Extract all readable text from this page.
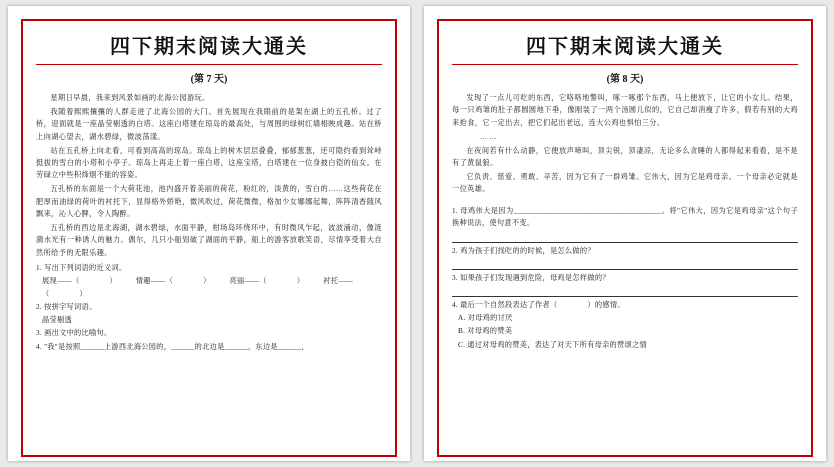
四下期末阅读大通关
(第 7 天)

星期日早晨，我来到风景如画的北海公园游玩。

我随着熙熙攘攘的人群走进了北海公园的大门。首先展现在我眼前的是架在湖上的五孔桥。过了桥，迎面就是一座晶莹剔透的白塔。这座白塔建在琼岛的最高处，与周围的绿树红墙相映成趣。站在桥上向湖心望去，湖水碧绿，微波荡漾。

站在五孔桥上向北看，可看到高高的琼岛。琼岛上的树木层层叠叠，郁郁葱葱，还可隐约看到耸峙挺拔的雪白的小塔和小亭子。琼岛上再走上着一座白塔，这座宝塔，白塔建在一位身披白铠的仙女。在劳碌立中些积烽烟不能的容姿。

五孔桥的东面是一个大荷花池，池内盛开着美丽的荷花，粉红的，淡黄的，雪白的……这些荷花在肥厚而油绿的荷叶的衬托下，显得格外娇艳，微风吹过，荷花微微，格加少女娜娜起舞，阵阵清香随风飘来，沁人心脾，令人陶醉。

五孔桥的西边是北海湖，湖水碧绿，水面平静，柑场岛环绕环中，有时微风乍起，波波涌动，像涟漪水光有一种诱人的魅力。偶尔，几只小船划破了湖面的平静，船上的游客放歌笑语，尽情享受着大自然所给予的无限乐趣。

1. 写出下列词语的近义词。
展现——（　　　　）　　　情趣——（　　　　）　　　亮丽——（　　　　）　　　衬托——（　　　　）
2. 按拼字写词语。
晶莹剔透
3. 画出文中的比喻句。
4. "我"是按照______上游西北海公园的，______的北边是______，东边是______，
四下期末阅读大通关
(第 8 天)

发现了一点儿可吃的东西，它咯咯地警叫，啄一啄那个东西，马上便放下，让它的小女儿。结果，每一只鸡雏的肚子都圆圆地下垂，像刚装了一两个汤圆儿似的，它自己却消瘦了许多，假若有别的大鸡来抢食，它一定出去，把它们起出老远，连大公鸡也惧怕三分。

……

在夜间若有什么动静，它便放声啼叫，顶尖锐，顶凄凉，无论多么贪睡的人都得起来看看，是不是有了黄鼠狼。

它负责、慈爱、勇敢、辛苦，因为它有了一群鸡雏。它伟大，因为它是鸡母亲。一个母亲必定就是一位英雄。

1. 母鸡伟大是因为______________________________________。将"它伟大，因为它是鸡母亲"这个句子换种说法，使句意不变。
2. 鸡为孩子们找吃的的时候，是怎么做的？
3. 如果孩子们发现遇到危险，母鸡是怎样做的？
4. 最后一个自然段表达了作者（　　　　）的感情。
A. 对母鸡的讨厌
B. 对母鸡的赞美
C. 通过对母鸡的赞美，表达了对天下所有母亲的赞颂之情
